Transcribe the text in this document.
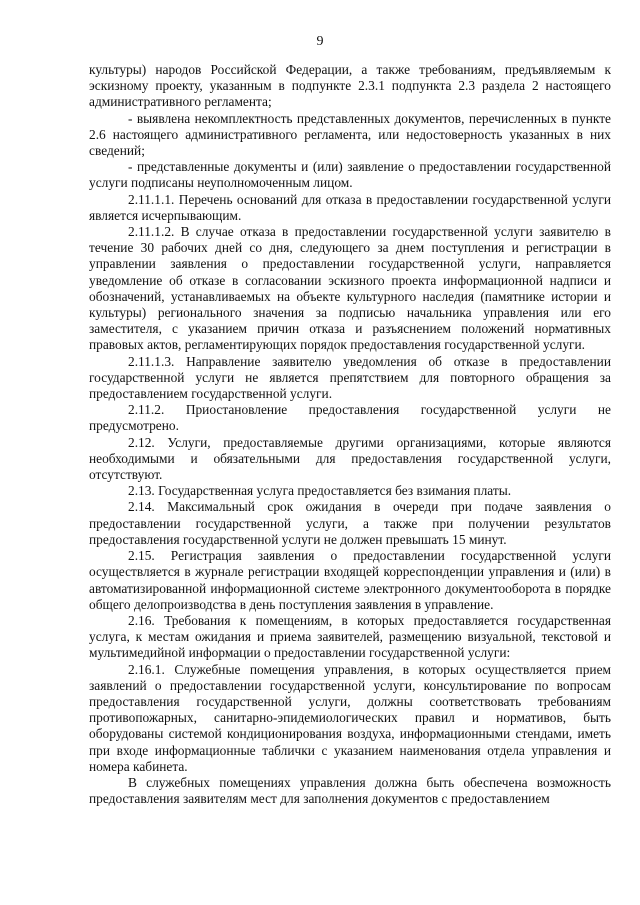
9

культуры) народов Российской Федерации, а также требованиям, предъявляемым к эскизному проекту, указанным в подпункте 2.3.1 подпункта 2.3 раздела 2 настоящего административного регламента;

- выявлена некомплектность представленных документов, перечисленных в пункте 2.6 настоящего административного регламента, или недостоверность указанных в них сведений;

- представленные документы и (или) заявление о предоставлении государственной услуги подписаны неуполномоченным лицом.

2.11.1.1. Перечень оснований для отказа в предоставлении государственной услуги является исчерпывающим.

2.11.1.2. В случае отказа в предоставлении государственной услуги заявителю в течение 30 рабочих дней со дня, следующего за днем поступления и регистрации в управлении заявления о предоставлении государственной услуги, направляется уведомление об отказе в согласовании эскизного проекта информационной надписи и обозначений, устанавливаемых на объекте культурного наследия (памятнике истории и культуры) регионального значения за подписью начальника управления или его заместителя, с указанием причин отказа и разъяснением положений нормативных правовых актов, регламентирующих порядок предоставления государственной услуги.

2.11.1.3. Направление заявителю уведомления об отказе в предоставлении государственной услуги не является препятствием для повторного обращения за предоставлением государственной услуги.

2.11.2. Приостановление предоставления государственной услуги не предусмотрено.

2.12. Услуги, предоставляемые другими организациями, которые являются необходимыми и обязательными для предоставления государственной услуги, отсутствуют.

2.13. Государственная услуга предоставляется без взимания платы.

2.14. Максимальный срок ожидания в очереди при подаче заявления о предоставлении государственной услуги, а также при получении результатов предоставления государственной услуги не должен превышать 15 минут.

2.15. Регистрация заявления о предоставлении государственной услуги осуществляется в журнале регистрации входящей корреспонденции управления и (или) в автоматизированной информационной системе электронного документооборота в порядке общего делопроизводства в день поступления заявления в управление.

2.16. Требования к помещениям, в которых предоставляется государственная услуга, к местам ожидания и приема заявителей, размещению визуальной, текстовой и мультимедийной информации о предоставлении государственной услуги:

2.16.1. Служебные помещения управления, в которых осуществляется прием заявлений о предоставлении государственной услуги, консультирование по вопросам предоставления государственной услуги, должны соответствовать требованиям противопожарных, санитарно-эпидемиологических правил и нормативов, быть оборудованы системой кондиционирования воздуха, информационными стендами, иметь при входе информационные таблички с указанием наименования отдела управления и номера кабинета.

В служебных помещениях управления должна быть обеспечена возможность предоставления заявителям мест для заполнения документов с предоставлением
